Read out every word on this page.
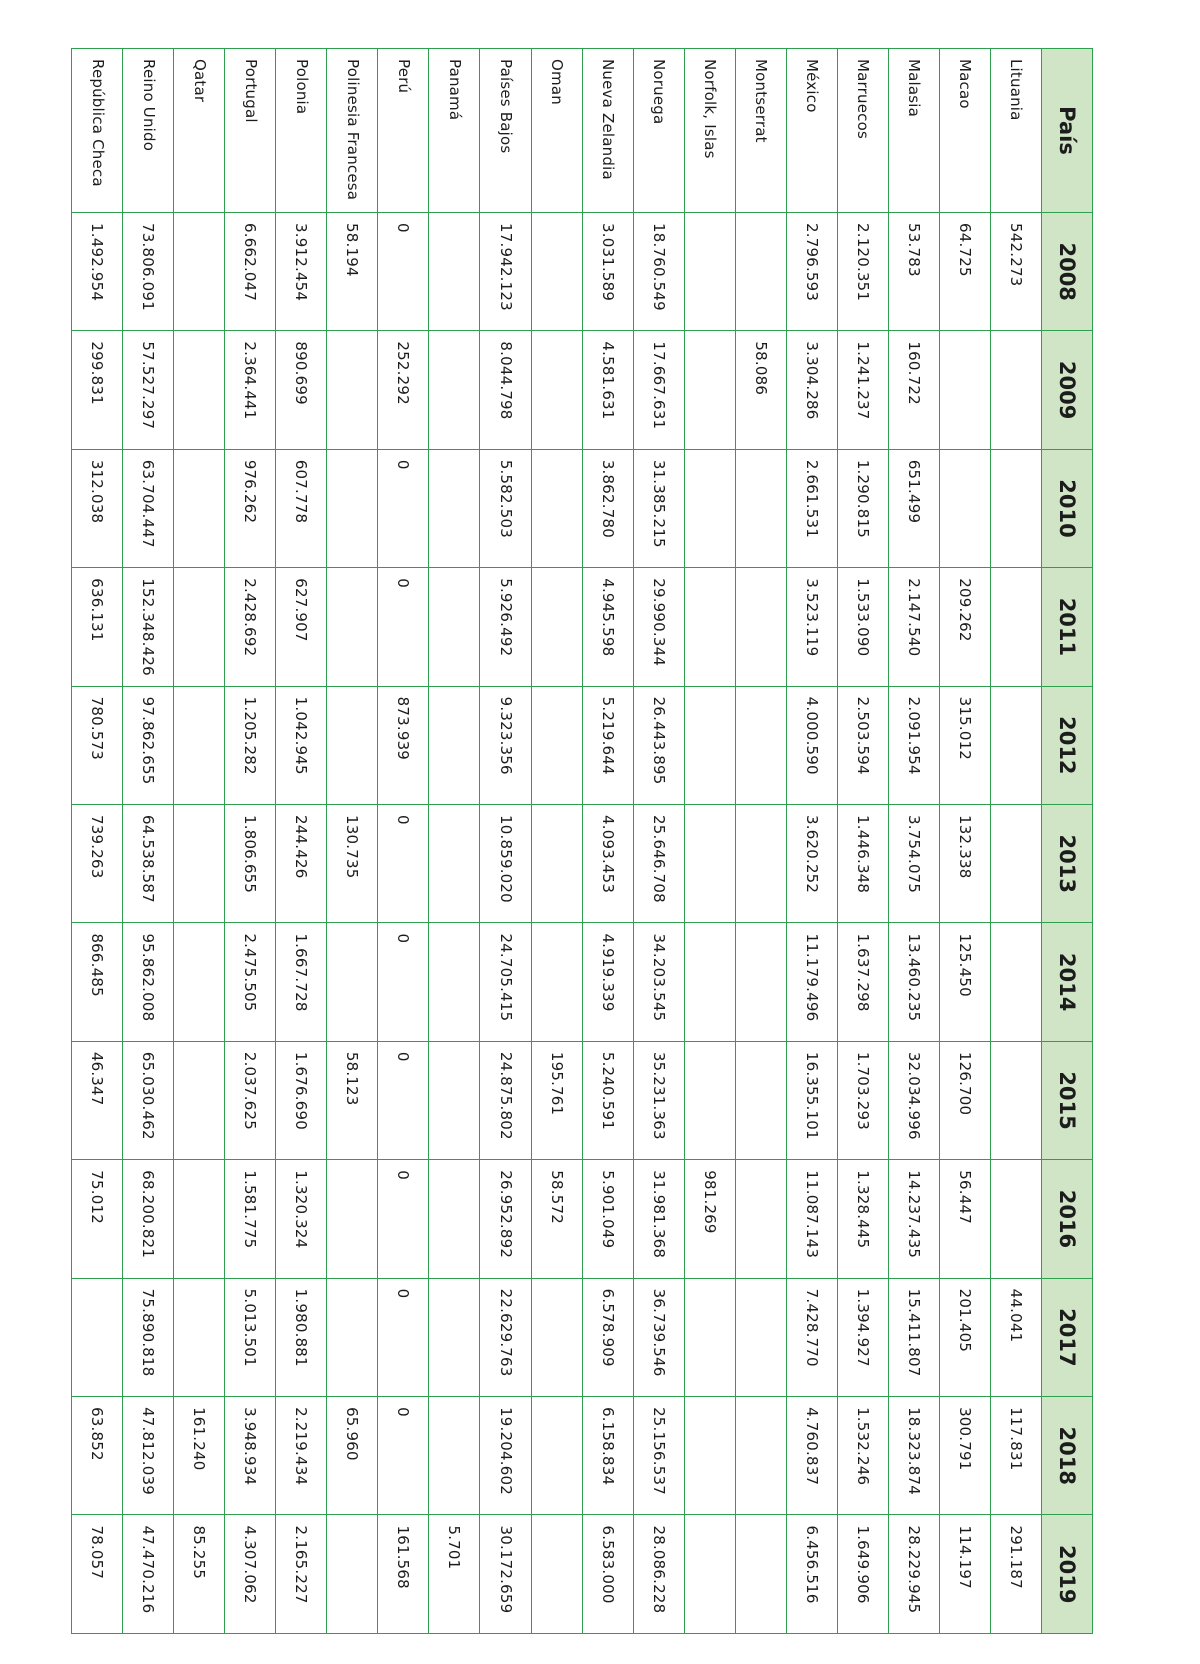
País	2008	2009	2010	2011	2012	2013	2014	2015	2016	2017	2018	2019
Lituania	542.273									44.041	117.831	291.187
Macao	64.725			209.262	315.012	132.338	125.450	126.700	56.447	201.405	300.791	114.197
Malasia	53.783	160.722	651.499	2.147.540	2.091.954	3.754.075	13.460.235	32.034.996	14.237.435	15.411.807	18.323.874	28.229.945
Marruecos	2.120.351	1.241.237	1.290.815	1.533.090	2.503.594	1.446.348	1.637.298	1.703.293	1.328.445	1.394.927	1.532.246	1.649.906
México	2.796.593	3.304.286	2.661.531	3.523.119	4.000.590	3.620.252	11.179.496	16.355.101	11.087.143	7.428.770	4.760.837	6.456.516
Montserrat		58.086										
Norfolk, Islas									981.269			
Noruega	18.760.549	17.667.631	31.385.215	29.990.344	26.443.895	25.646.708	34.203.545	35.231.363	31.981.368	36.739.546	25.156.537	28.086.228
Nueva Zelandia	3.031.589	4.581.631	3.862.780	4.945.598	5.219.644	4.093.453	4.919.339	5.240.591	5.901.049	6.578.909	6.158.834	6.583.000
Oman								195.761	58.572			
Países Bajos	17.942.123	8.044.798	5.582.503	5.926.492	9.323.356	10.859.020	24.705.415	24.875.802	26.952.892	22.629.763	19.204.602	30.172.659
Panamá												5.701
Perú	0	252.292	0	0	873.939	0	0	0	0	0	0	161.568
Polinesia Francesa	58.194					130.735		58.123			65.960	
Polonia	3.912.454	890.699	607.778	627.907	1.042.945	244.426	1.667.728	1.676.690	1.320.324	1.980.881	2.219.434	2.165.227
Portugal	6.662.047	2.364.441	976.262	2.428.692	1.205.282	1.806.655	2.475.505	2.037.625	1.581.775	5.013.501	3.948.934	4.307.062
Qatar											161.240	85.255
Reino Unido	73.806.091	57.527.297	63.704.447	152.348.426	97.862.655	64.538.587	95.862.008	65.030.462	68.200.821	75.890.818	47.812.039	47.470.216
República Checa	1.492.954	299.831	312.038	636.131	780.573	739.263	866.485	46.347	75.012		63.852	78.057
